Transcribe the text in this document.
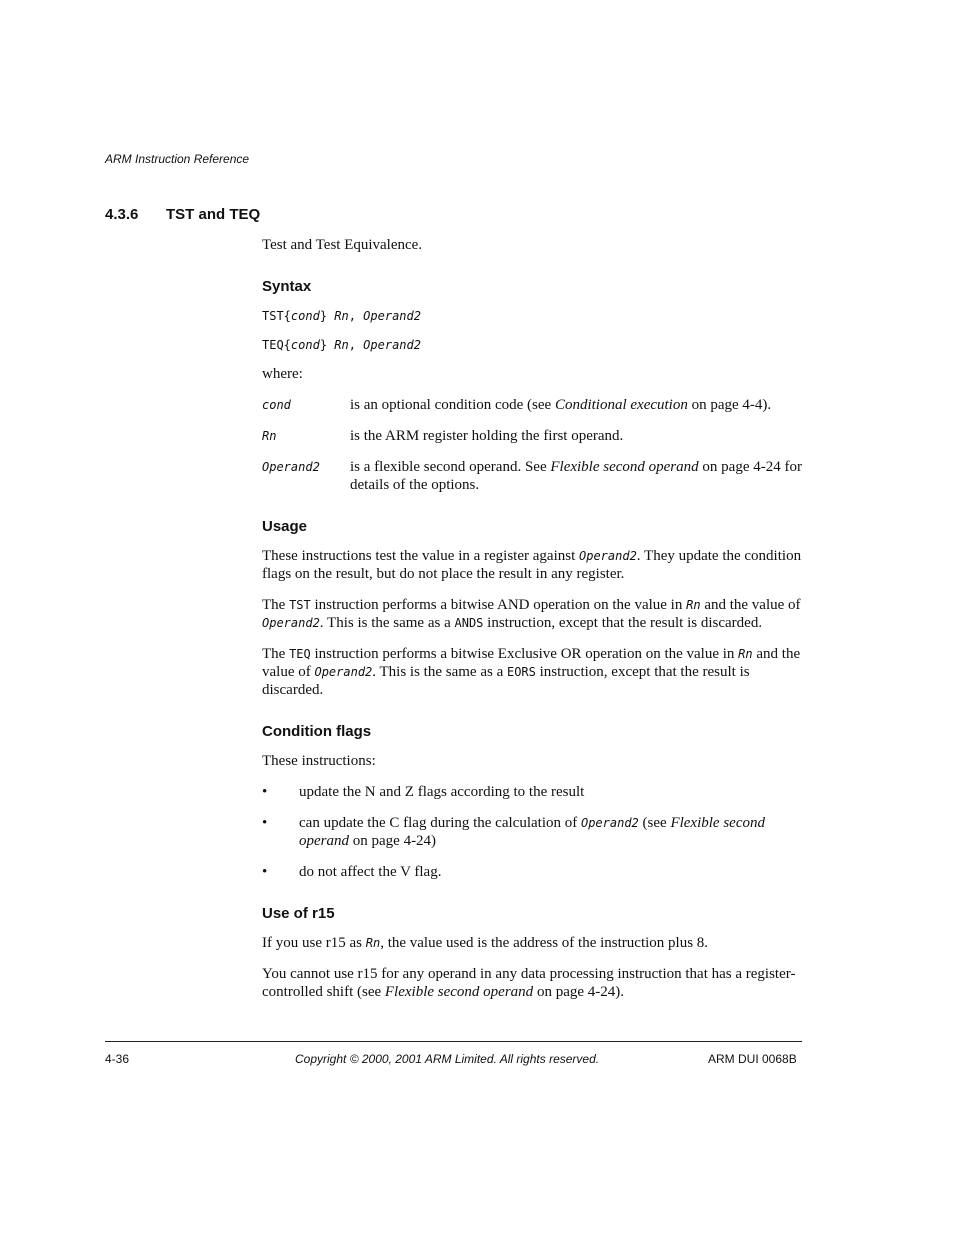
ARM Instruction Reference
4.3.6 TST and TEQ

Test and Test Equivalence.

Syntax
TST{cond} Rn, Operand2
TEQ{cond} Rn, Operand2

where:

cond	is an optional condition code (see Conditional execution on page 4-4).
Rn	is the ARM register holding the first operand.
Operand2	is a flexible second operand. See Flexible second operand on page 4-24 for details of the options.
Usage

These instructions test the value in a register against Operand2. They update the condition flags on the result, but do not place the result in any register.

The TST instruction performs a bitwise AND operation on the value in Rn and the value of Operand2. This is the same as a ANDS instruction, except that the result is discarded.

The TEQ instruction performs a bitwise Exclusive OR operation on the value in Rn and the value of Operand2. This is the same as a EORS instruction, except that the result is discarded.

Condition flags

These instructions:

•	update the N and Z flags according to the result
•	can update the C flag during the calculation of Operand2 (see Flexible second operand on page 4-24)
•	do not affect the V flag.
Use of r15

If you use r15 as Rn, the value used is the address of the instruction plus 8.

You cannot use r15 for any operand in any data processing instruction that has a register-controlled shift (see Flexible second operand on page 4-24).

4-36	Copyright © 2000, 2001 ARM Limited. All rights reserved.	ARM DUI 0068B
